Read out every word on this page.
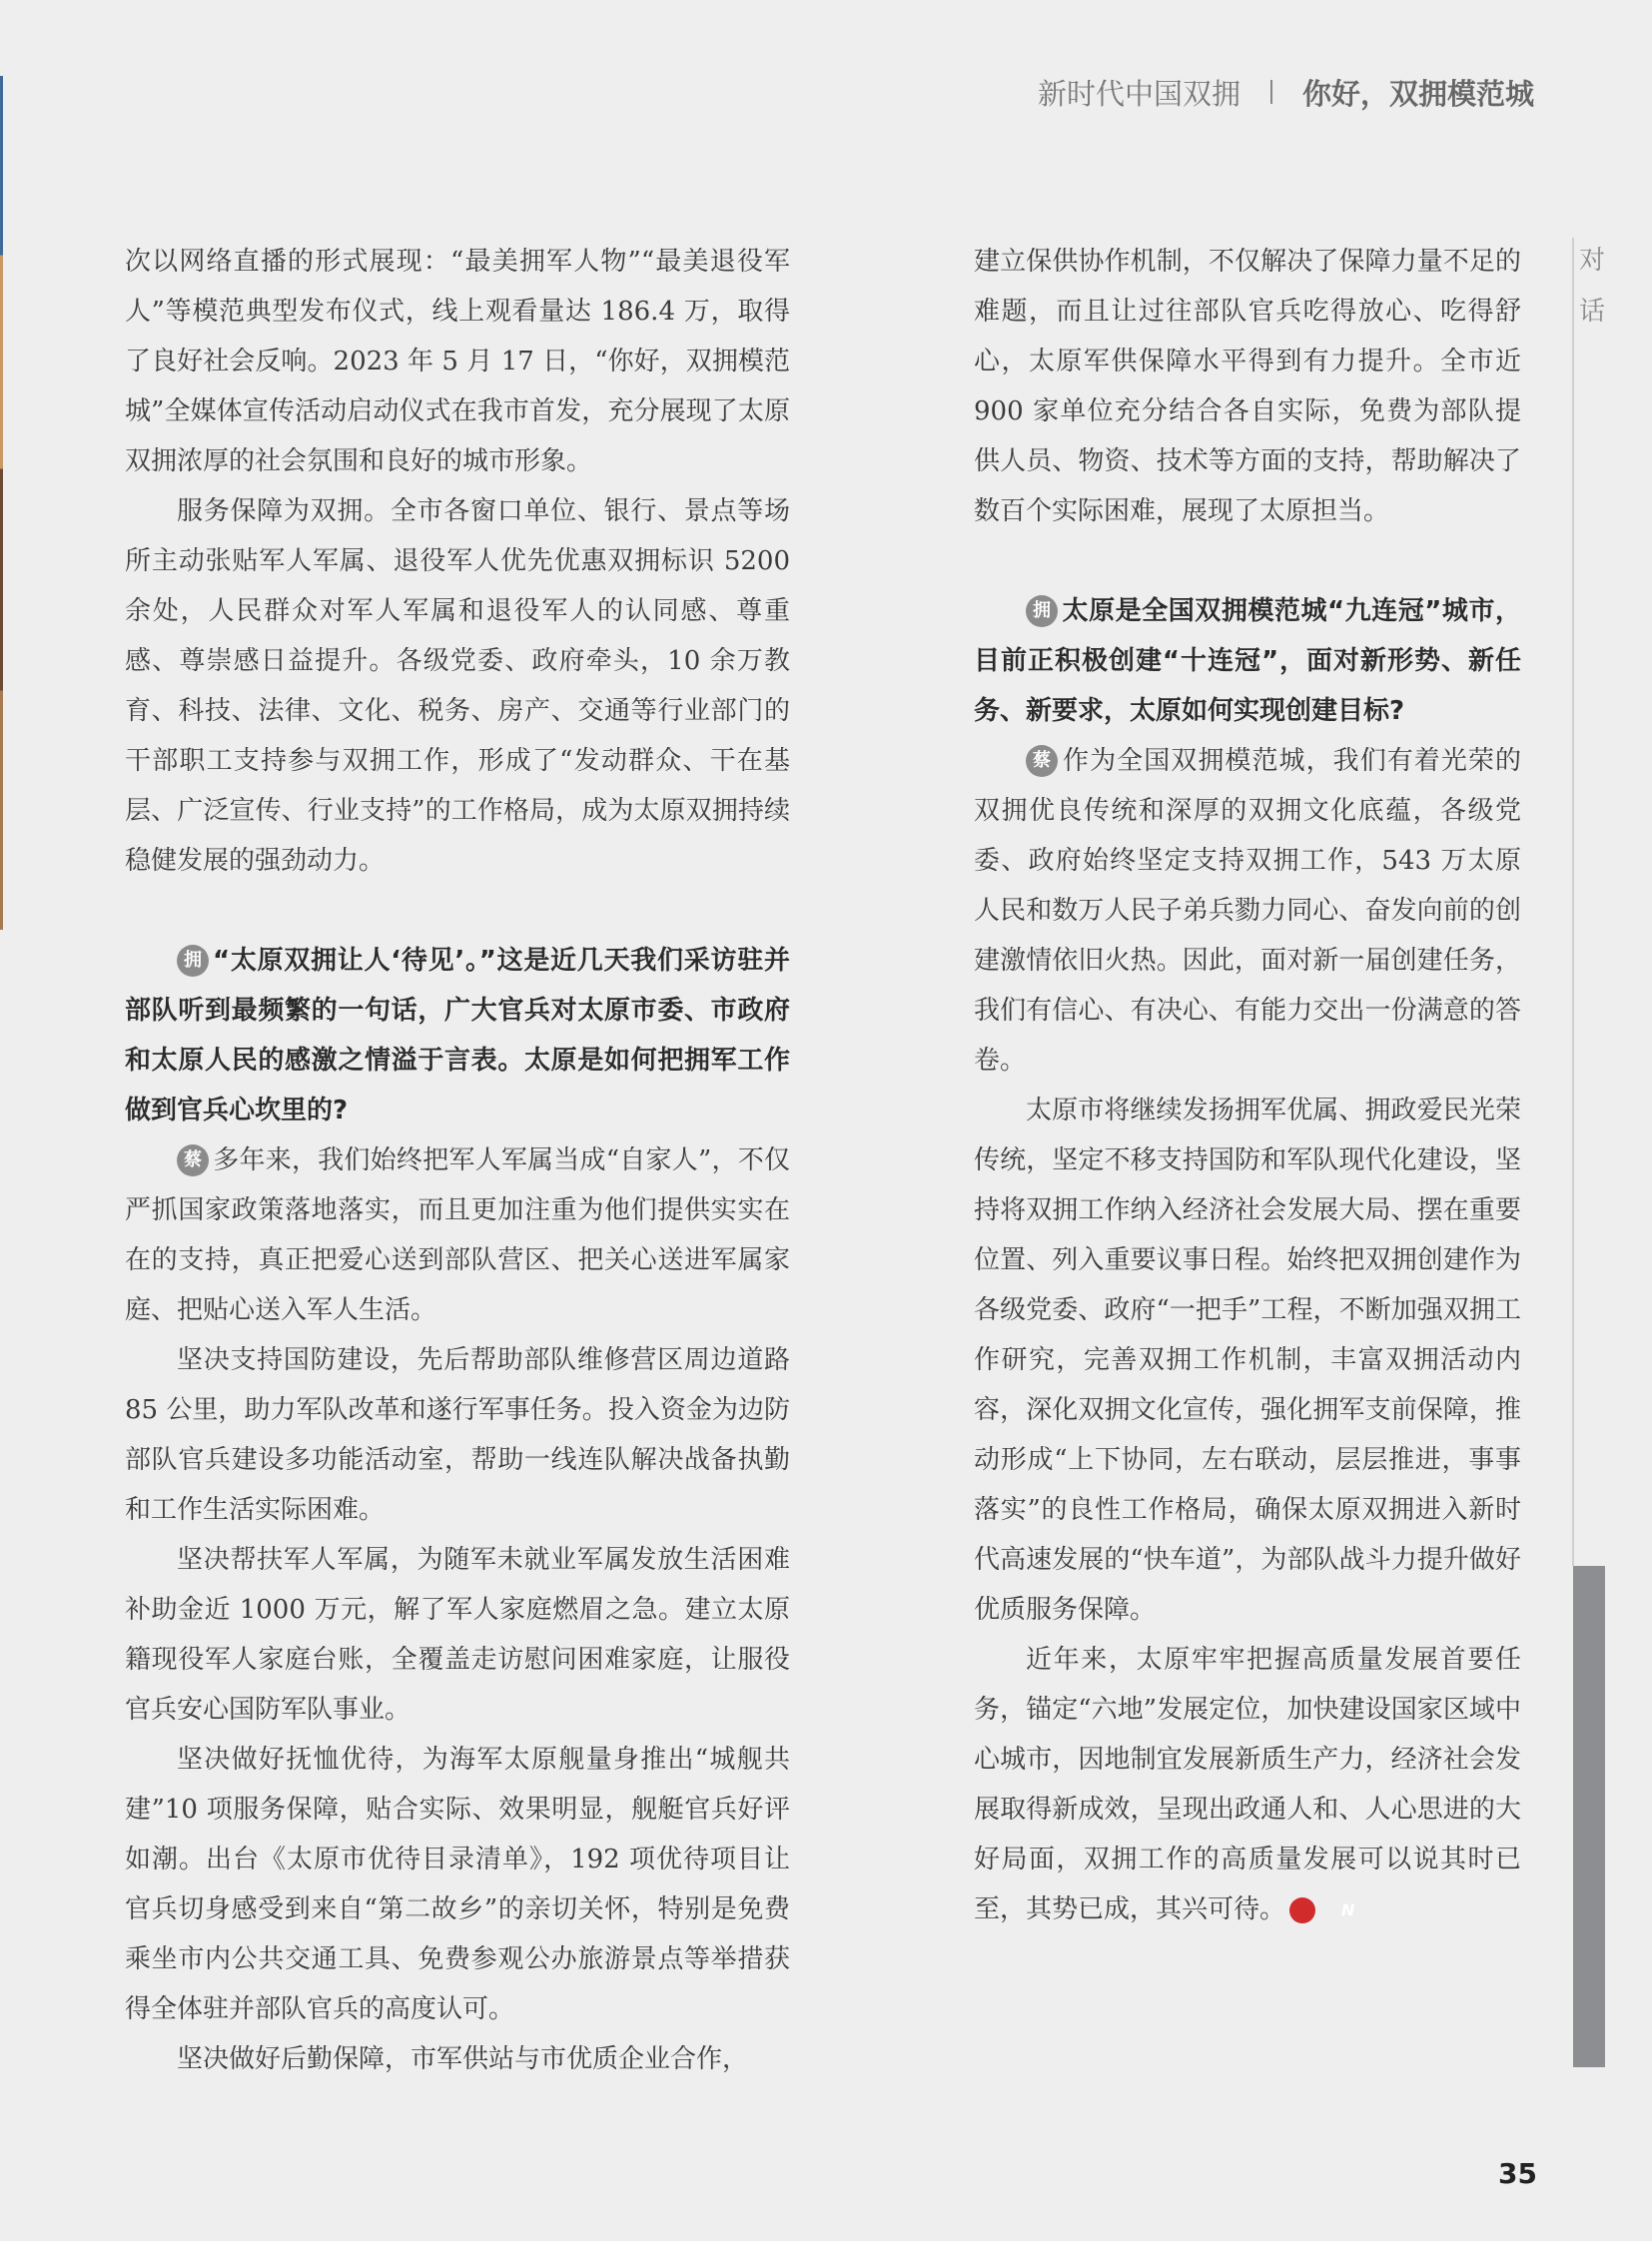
新时代中国双拥 你好，双拥模范城
对
话

次以网络直播的形式展现：“最美拥军人物”“最美退役军人”等模范典型发布仪式，线上观看量达 186.4 万，取得了良好社会反响。2023 年 5 月 17 日，“你好，双拥模范城”全媒体宣传活动启动仪式在我市首发，充分展现了太原双拥浓厚的社会氛围和良好的城市形象。

服务保障为双拥。全市各窗口单位、银行、景点等场所主动张贴军人军属、退役军人优先优惠双拥标识 5200 余处，人民群众对军人军属和退役军人的认同感、尊重感、尊崇感日益提升。各级党委、政府牵头，10 余万教育、科技、法律、文化、税务、房产、交通等行业部门的干部职工支持参与双拥工作，形成了“发动群众、干在基层、广泛宣传、行业支持”的工作格局，成为太原双拥持续稳健发展的强劲动力。

拥 “太原双拥让人‘待见’。”这是近几天我们采访驻并部队听到最频繁的一句话，广大官兵对太原市委、市政府和太原人民的感激之情溢于言表。太原是如何把拥军工作做到官兵心坎里的?

蔡 多年来，我们始终把军人军属当成“自家人”，不仅严抓国家政策落地落实，而且更加注重为他们提供实实在在的支持，真正把爱心送到部队营区、把关心送进军属家庭、把贴心送入军人生活。

坚决支持国防建设，先后帮助部队维修营区周边道路 85 公里，助力军队改革和遂行军事任务。投入资金为边防部队官兵建设多功能活动室，帮助一线连队解决战备执勤和工作生活实际困难。

坚决帮扶军人军属，为随军未就业军属发放生活困难补助金近 1000 万元，解了军人家庭燃眉之急。建立太原籍现役军人家庭台账，全覆盖走访慰问困难家庭，让服役官兵安心国防军队事业。

坚决做好抚恤优待，为海军太原舰量身推出“城舰共建”10 项服务保障，贴合实际、效果明显，舰艇官兵好评如潮。出台《太原市优待目录清单》，192 项优待项目让官兵切身感受到来自“第二故乡”的亲切关怀，特别是免费乘坐市内公共交通工具、免费参观公办旅游景点等举措获得全体驻并部队官兵的高度认可。

坚决做好后勤保障，市军供站与市优质企业合作，

建立保供协作机制，不仅解决了保障力量不足的难题，而且让过往部队官兵吃得放心、吃得舒心，太原军供保障水平得到有力提升。全市近 900 家单位充分结合各自实际，免费为部队提供人员、物资、技术等方面的支持，帮助解决了数百个实际困难，展现了太原担当。

拥 太原是全国双拥模范城“九连冠”城市，目前正积极创建“十连冠”，面对新形势、新任务、新要求，太原如何实现创建目标?

蔡 作为全国双拥模范城，我们有着光荣的双拥优良传统和深厚的双拥文化底蕴，各级党委、政府始终坚定支持双拥工作，543 万太原人民和数万人民子弟兵勠力同心、奋发向前的创建激情依旧火热。因此，面对新一届创建任务，我们有信心、有决心、有能力交出一份满意的答卷。

太原市将继续发扬拥军优属、拥政爱民光荣传统，坚定不移支持国防和军队现代化建设，坚持将双拥工作纳入经济社会发展大局、摆在重要位置、列入重要议事日程。始终把双拥创建作为各级党委、政府“一把手”工程，不断加强双拥工作研究，完善双拥工作机制，丰富双拥活动内容，深化双拥文化宣传，强化拥军支前保障，推动形成“上下协同，左右联动，层层推进，事事落实”的良性工作格局，确保太原双拥进入新时代高速发展的“快车道”，为部队战斗力提升做好优质服务保障。

近年来，太原牢牢把握高质量发展首要任务，锚定“六地”发展定位，加快建设国家区域中心城市，因地制宜发展新质生产力，经济社会发展取得新成效，呈现出政通人和、人心思进的大好局面，双拥工作的高质量发展可以说其时已至，其势已成，其兴可待。	N

35
